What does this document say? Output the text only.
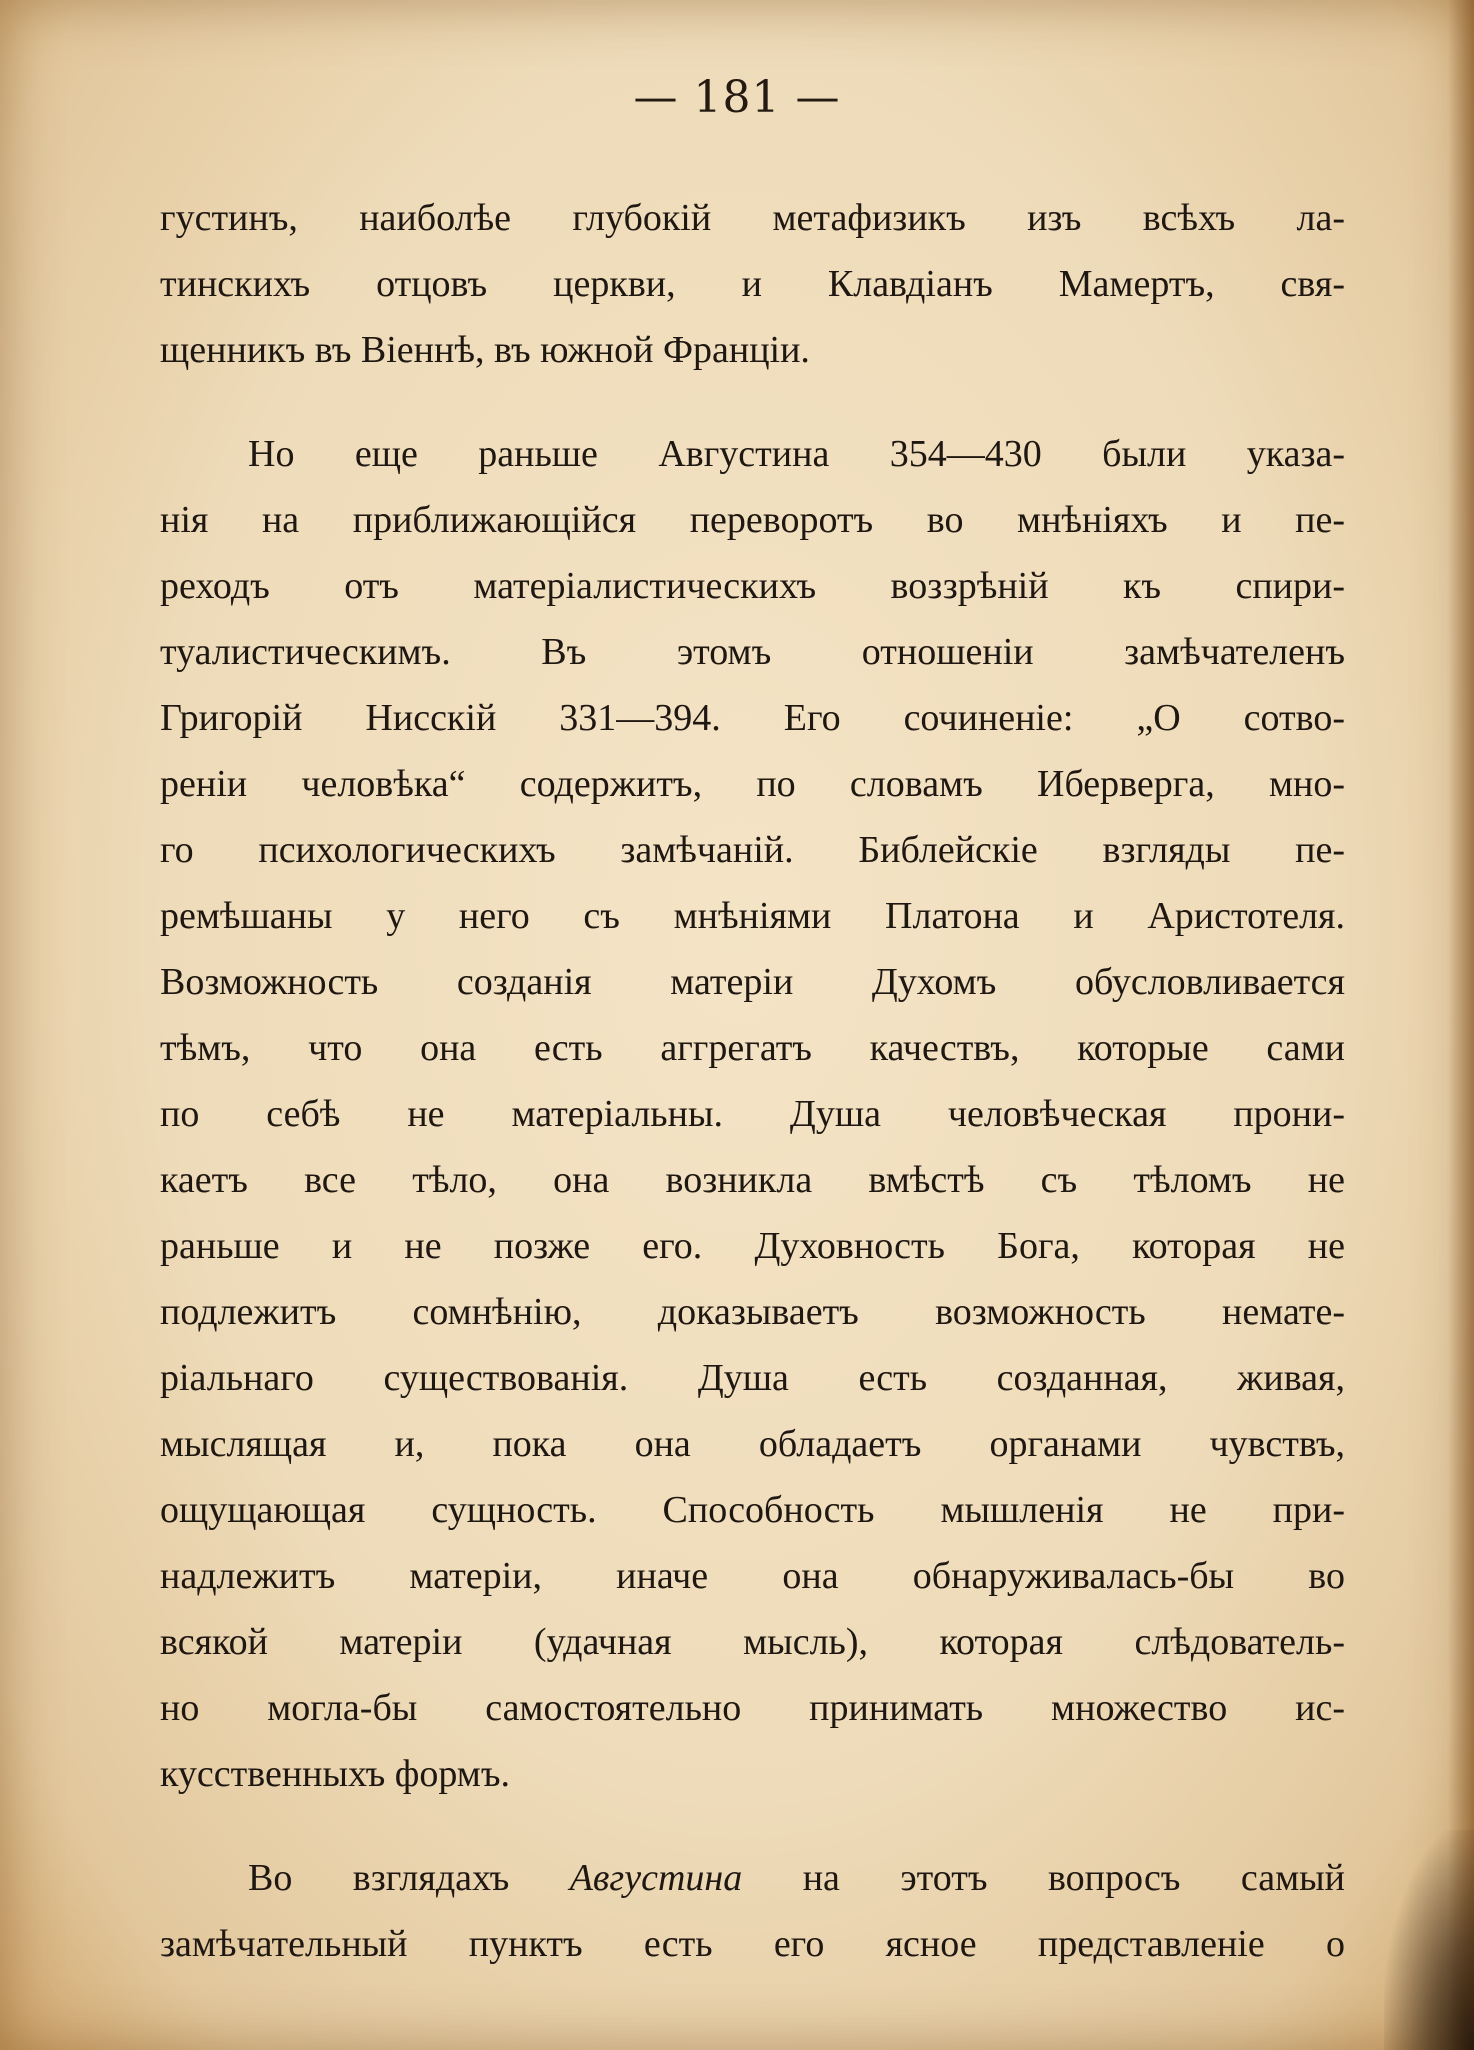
— 181 —
густинъ, наиболѣе глубокій метафизикъ изъ всѣхъ ла-
тинскихъ отцовъ церкви, и Клавдіанъ Мамертъ, свя-
щенникъ въ Віеннѣ, въ южной Франціи.
Но еще раньше Августина 354—430 были указа-
нія на приближающійся переворотъ во мнѣніяхъ и пе-
реходъ отъ матеріалистическихъ воззрѣній къ спири-
туалистическимъ. Въ этомъ отношеніи замѣчателенъ
Григорій Нисскій 331—394. Его сочиненіе: „О сотво-
реніи человѣка“ содержитъ, по словамъ Иберверга, мно-
го психологическихъ замѣчаній. Библейскіе взгляды пе-
ремѣшаны у него съ мнѣніями Платона и Аристотеля.
Возможность созданія матеріи Духомъ обусловливается
тѣмъ, что она есть аггрегатъ качествъ, которые сами
по себѣ не матеріальны. Душа человѣческая прони-
каетъ все тѣло, она возникла вмѣстѣ съ тѣломъ не
раньше и не позже его. Духовность Бога, которая не
подлежитъ сомнѣнію, доказываетъ возможность немате-
ріальнаго существованія. Душа есть созданная, живая,
мыслящая и, пока она обладаетъ органами чувствъ,
ощущающая сущность. Способность мышленія не при-
надлежитъ матеріи, иначе она обнаруживалась-бы во
всякой матеріи (удачная мысль), которая слѣдователь-
но могла-бы самостоятельно принимать множество ис-
кусственныхъ формъ.
Во взглядахъ Августина на этотъ вопросъ самый
замѣчательный пунктъ есть его ясное представленіе о
